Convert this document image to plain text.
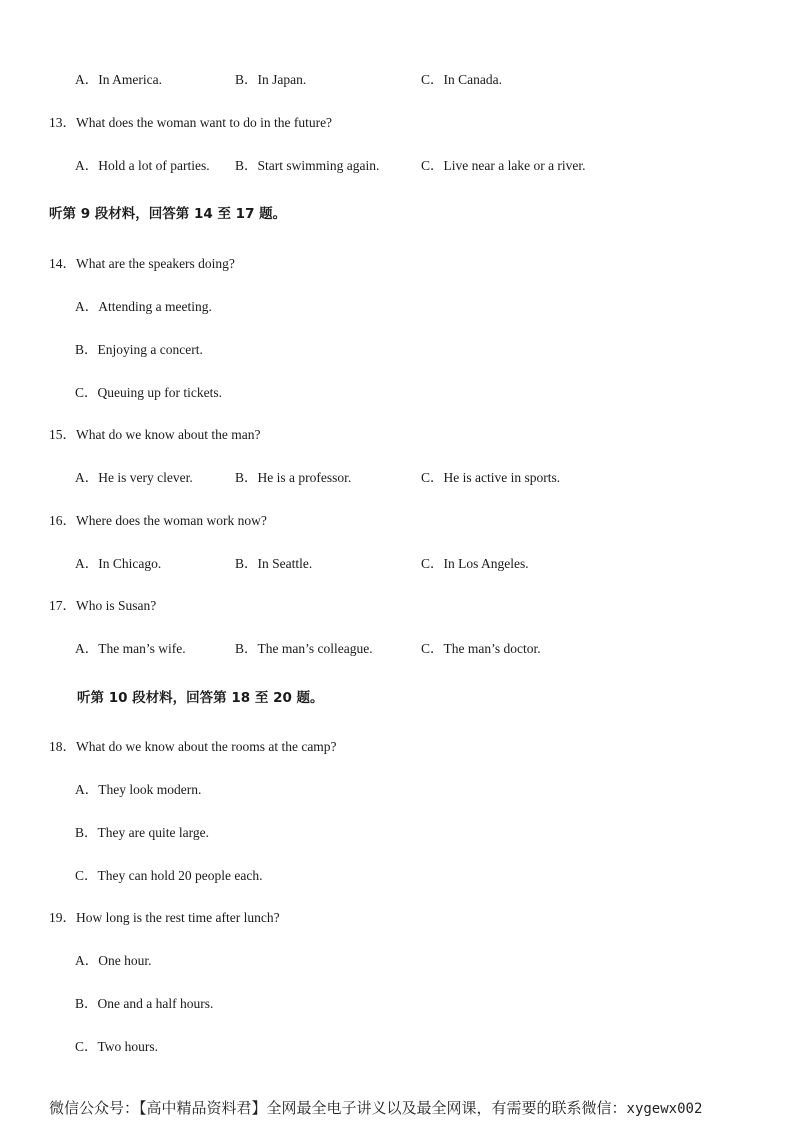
A．In America.	B．In Japan.	C．In Canada.
13．What does the woman want to do in the future?
A．Hold a lot of parties. B．Start swimming again.	C．Live near a lake or a river.
听第 9 段材料，回答第 14 至 17 题。
14．What are the speakers doing?
A．Attending a meeting.
B．Enjoying a concert.
C．Queuing up for tickets.
15．What do we know about the man?
A．He is very clever.	B．He is a professor.	C．He is active in sports.
16．Where does the woman work now?
A．In Chicago.	B．In Seattle.	C．In Los Angeles.
17．Who is Susan?
A．The man’s wife.	B．The man’s colleague.	C．The man’s doctor.
听第 10 段材料，回答第 18 至 20 题。
18．What do we know about the rooms at the camp?
A．They look modern.
B．They are quite large.
C．They can hold 20 people each.
19．How long is the rest time after lunch?
A．One hour.
B．One and a half hours.
C．Two hours.
微信公众号：【高中精品资料君】全网最全电子讲义以及最全网课，有需要的联系微信：xygewx002
